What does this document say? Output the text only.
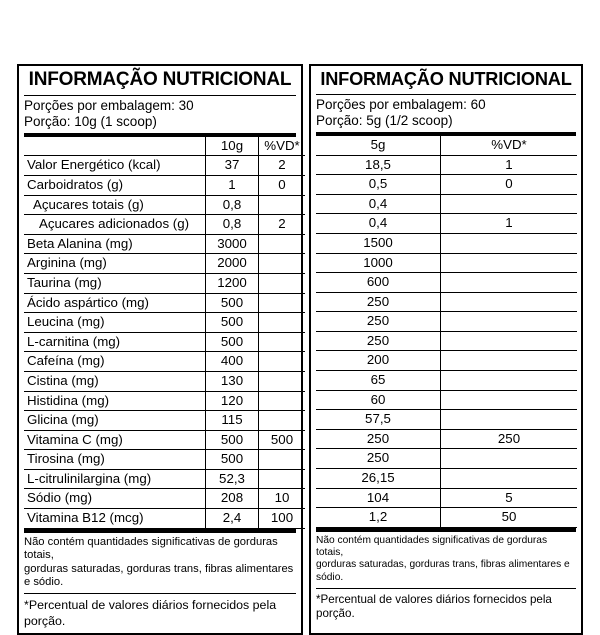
INFORMAÇÃO NUTRICIONAL
Porções por embalagem: 30
Porção: 10g (1 scoop)
	10g	%VD*
Valor Energético (kcal)	37	2
Carboidratos (g)	1	0
Açucares totais (g)	0,8	
Açucares adicionados (g)	0,8	2
Beta Alanina (mg)	3000	
Arginina (mg)	2000	
Taurina (mg)	1200	
Ácido aspártico (mg)	500	
Leucina (mg)	500	
L-carnitina (mg)	500	
Cafeína (mg)	400	
Cistina (mg)	130	
Histidina (mg)	120	
Glicina (mg)	115	
Vitamina C (mg)	500	500
Tirosina (mg)	500	
L-citrulinilargina (mg)	52,3	
Sódio (mg)	208	10
Vitamina B12 (mcg)	2,4	100
Não contém quantidades significativas de gorduras totais,
gorduras saturadas, gorduras trans, fibras alimentares e sódio.
*Percentual de valores diários fornecidos pela porção.
INFORMAÇÃO NUTRICIONAL
Porções por embalagem: 60
Porção: 5g (1/2 scoop)
5g	%VD*
18,5	1
0,5	0
0,4	
0,4	1
1500	
1000	
600	
250	
250	
250	
200	
65	
60	
57,5	
250	250
250	
26,15	
104	5
1,2	50
Não contém quantidades significativas de gorduras totais,
gorduras saturadas, gorduras trans, fibras alimentares e sódio.
*Percentual de valores diários fornecidos pela porção.
